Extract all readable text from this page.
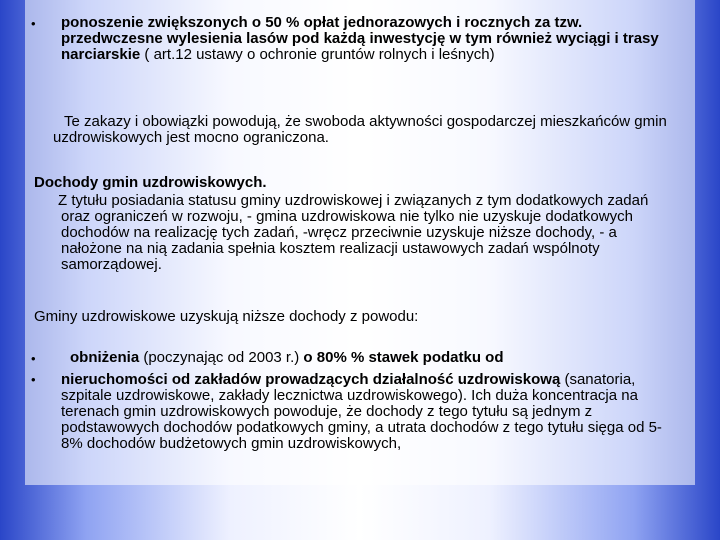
•	ponoszenie zwiększonych o 50 % opłat jednorazowych i rocznych za tzw. przedwczesne wylesienia lasów pod każdą inwestycję w tym również wyciągi i trasy narciarskie ( art.12 ustawy o ochronie gruntów rolnych i leśnych)
Te zakazy i obowiązki powodują, że swoboda aktywności gospodarczej mieszkańców gmin uzdrowiskowych jest mocno ograniczona.
Dochody gmin uzdrowiskowych.
Z tytułu posiadania statusu gminy uzdrowiskowej i związanych z tym dodatkowych zadań oraz ograniczeń w rozwoju, - gmina uzdrowiskowa nie tylko nie uzyskuje dodatkowych dochodów na realizację tych zadań, -wręcz przeciwnie uzyskuje niższe dochody, - a nałożone na nią zadania spełnia kosztem realizacji ustawowych zadań wspólnoty samorządowej.
Gminy uzdrowiskowe uzyskują niższe dochody z powodu:
•
•
obniżenia (poczynając od 2003 r.) o 80% % stawek podatku od
nieruchomości od zakładów prowadzących działalność uzdrowiskową (sanatoria, szpitale uzdrowiskowe, zakłady lecznictwa uzdrowiskowego). Ich duża koncentracja na terenach gmin uzdrowiskowych powoduje, że dochody z tego tytułu są jednym z podstawowych dochodów podatkowych gminy, a utrata dochodów z tego tytułu sięga od 5-8% dochodów budżetowych gmin uzdrowiskowych,
